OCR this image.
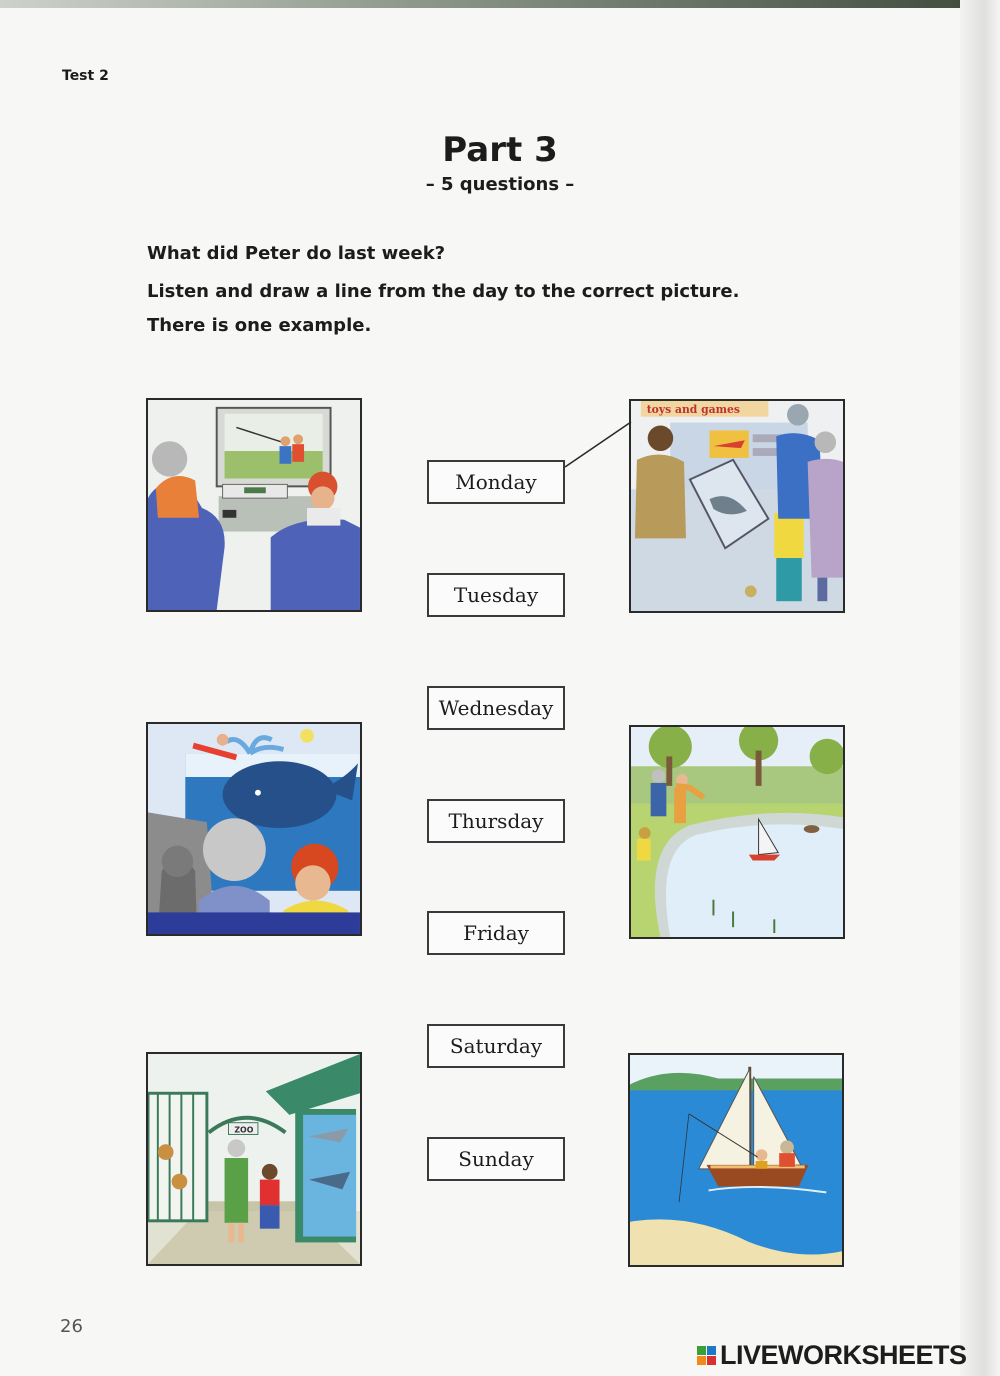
Test 2
Part 3
– 5 questions –
What did Peter do last week?
Listen and draw a line from the day to the correct picture.
There is one example.
toys and games
ZOO
Monday
Tuesday
Wednesday
Thursday
Friday
Saturday
Sunday
26
LIVEWORKSHEETS
